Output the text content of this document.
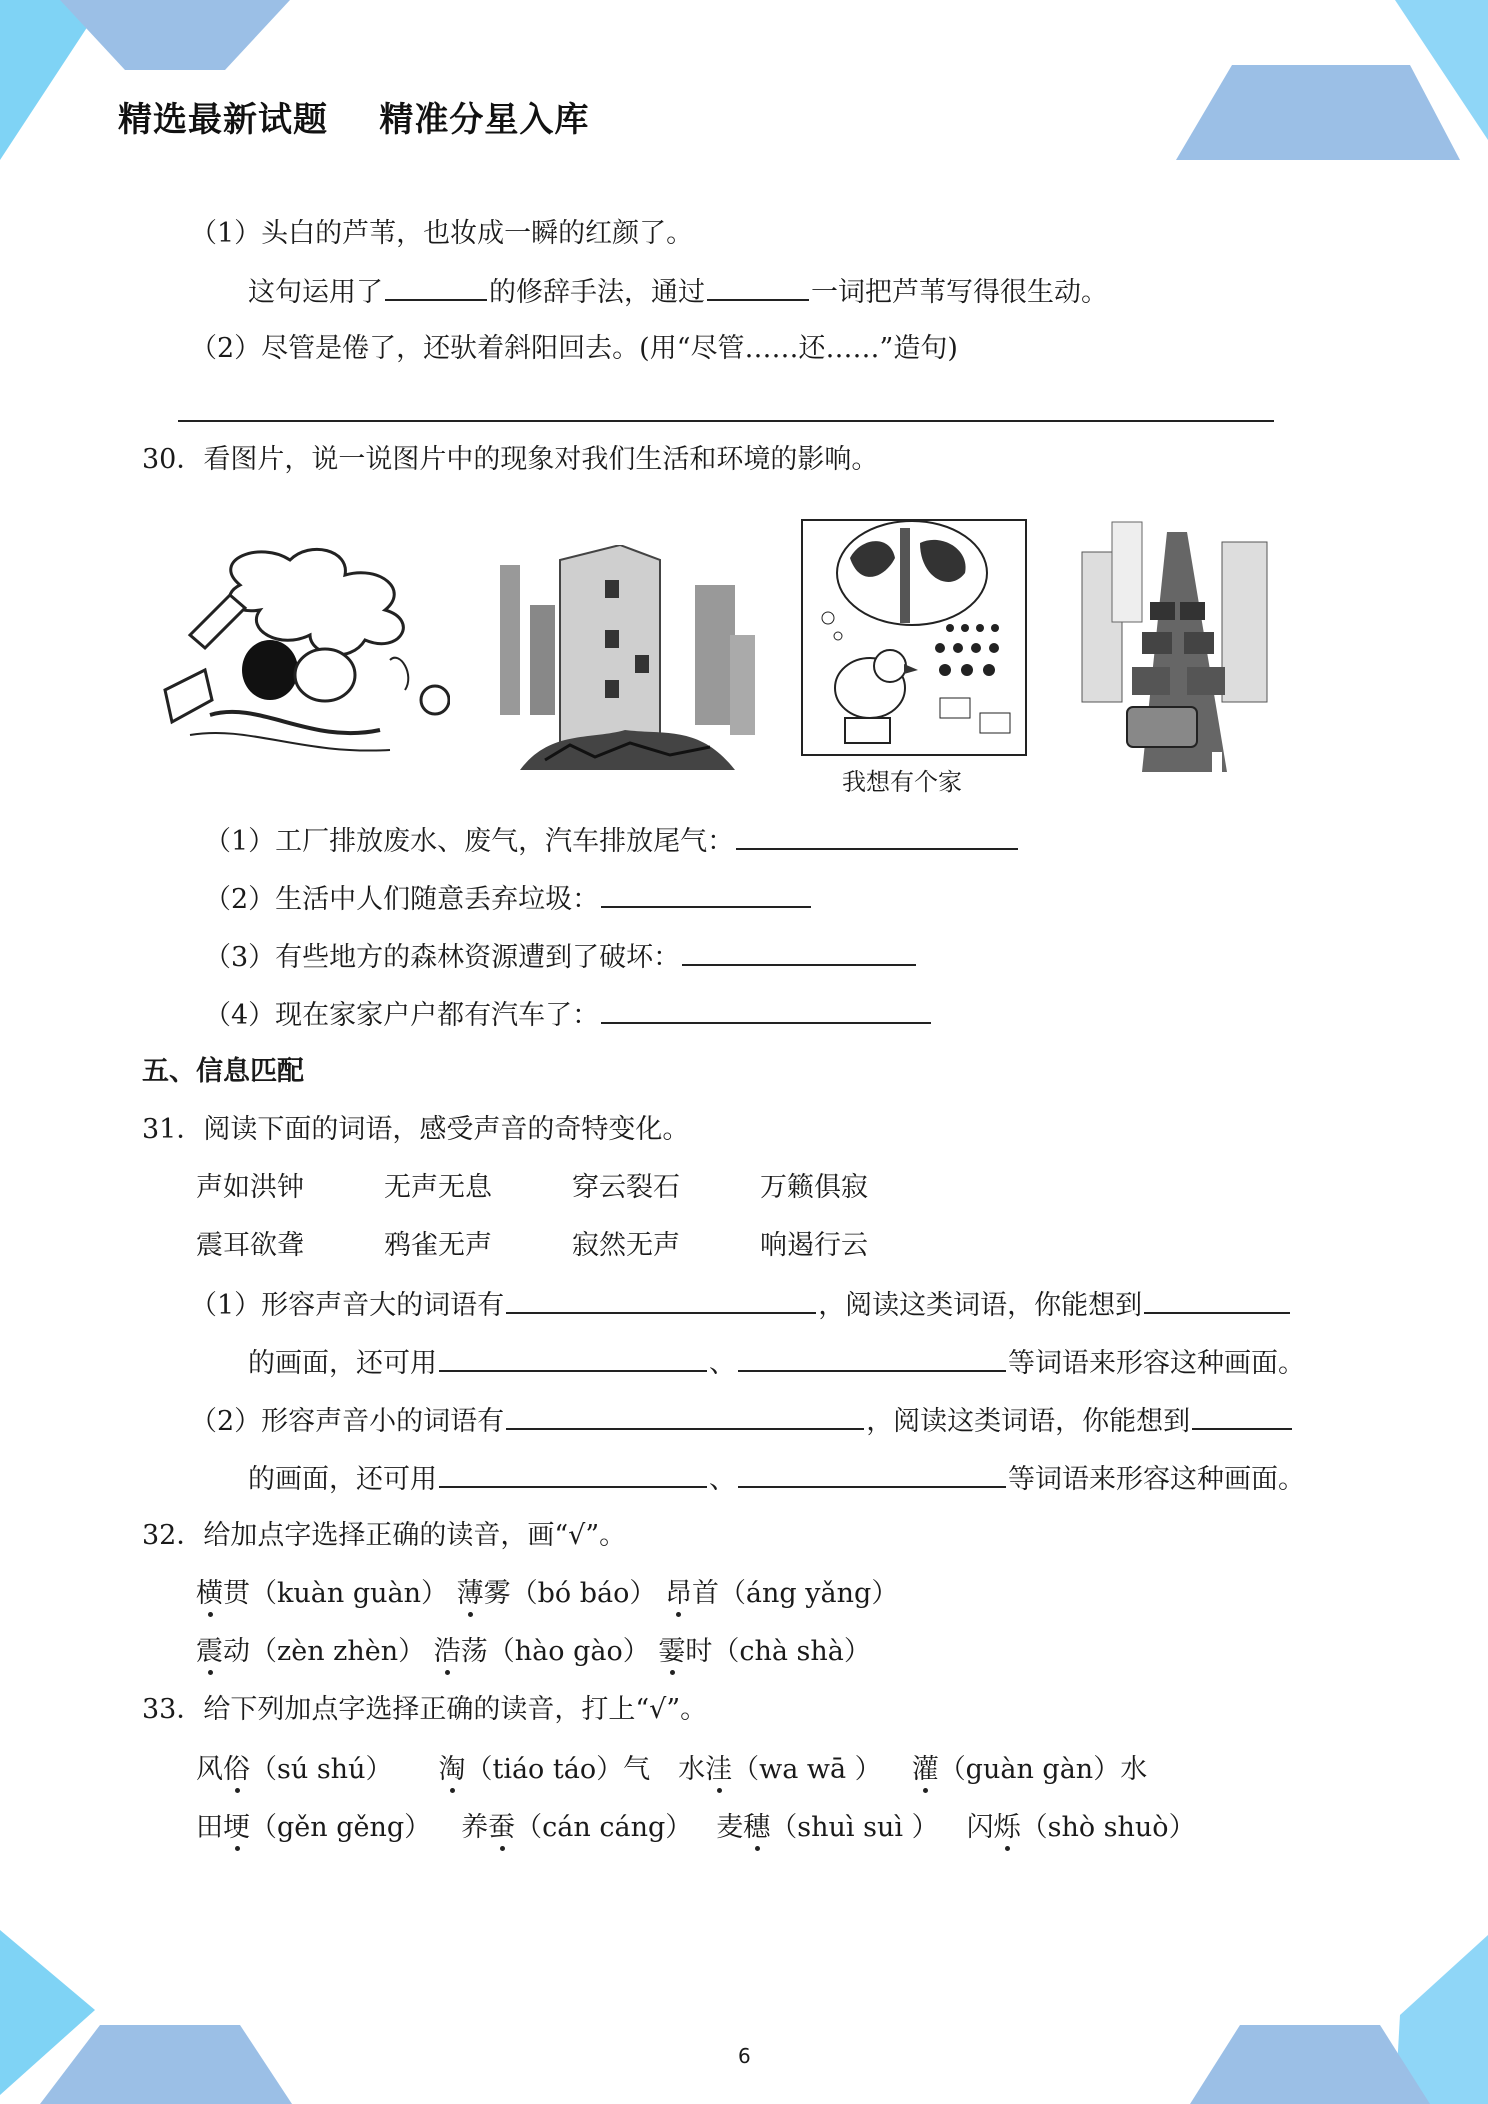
精选最新试题    精准分星入库
（1）头白的芦苇，也妆成一瞬的红颜了。
这句运用了	的修辞手法，通过	一词把芦苇写得很生动。
（2）尽管是倦了，还驮着斜阳回去。(用“尽管……还……”造句)
30．看图片，说一说图片中的现象对我们生活和环境的影响。
我想有个家
（1）工厂排放废水、废气，汽车排放尾气：
（2）生活中人们随意丢弃垃圾：
（3）有些地方的森林资源遭到了破坏：
（4）现在家家户户都有汽车了：
五、信息匹配
31．阅读下面的词语，感受声音的奇特变化。
声如洪钟	无声无息	穿云裂石	万籁俱寂
震耳欲聋	鸦雀无声	寂然无声	响遏行云
（1）形容声音大的词语有	，阅读这类词语，你能想到
的画面，还可用	、	等词语来形容这种画面。
（2）形容声音小的词语有	，阅读这类词语，你能想到
的画面，还可用	、	等词语来形容这种画面。
32．给加点字选择正确的读音，画“√”。
横贯（kuàn guàn） 薄雾（bó báo） 昂首（áng yǎng）
震动（zèn zhèn） 浩荡（hào gào） 霎时（chà shà）
33．给下列加点字选择正确的读音，打上“√”。
风俗（sú shú） 淘（tiáo táo）气 水洼（wa wā ） 灌（guàn gàn）水
田埂（gěn gěng） 养蚕（cán cáng） 麦穗（shuì suì ） 闪烁（shò shuò）
6
